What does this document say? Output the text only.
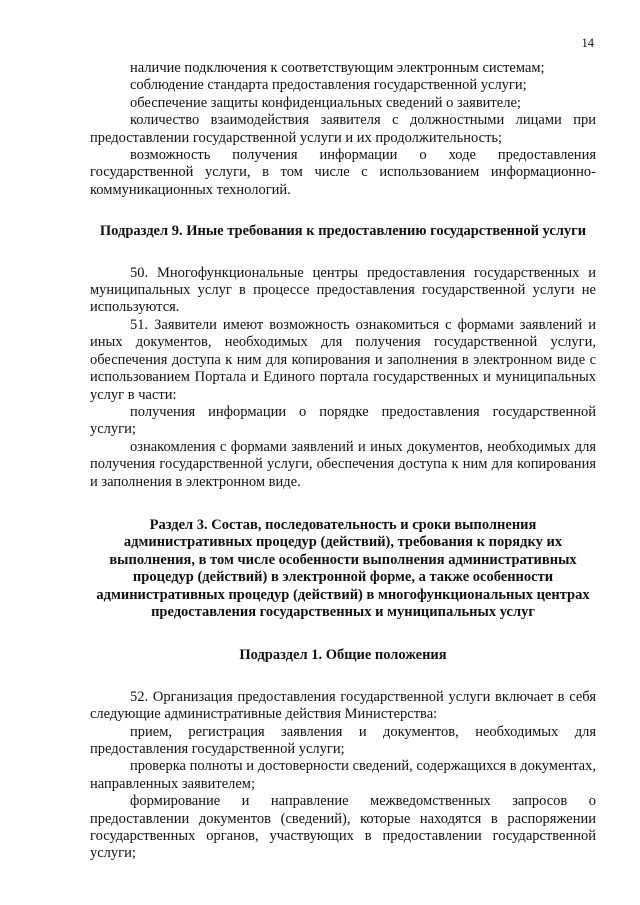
14

наличие подключения к соответствующим электронным системам;

соблюдение стандарта предоставления государственной услуги;

обеспечение защиты конфиденциальных сведений о заявителе;

количество взаимодействия заявителя с должностными лицами при предоставлении государственной услуги и их продолжительность;

возможность получения информации о ходе предоставления государственной услуги, в том числе с использованием информационно-коммуникационных технологий.

Подраздел 9. Иные требования к предоставлению государственной услуги

50. Многофункциональные центры предоставления государственных и муниципальных услуг в процессе предоставления государственной услуги не используются.

51. Заявители имеют возможность ознакомиться с формами заявлений и иных документов, необходимых для получения государственной услуги, обеспечения доступа к ним для копирования и заполнения в электронном виде с использованием Портала и Единого портала государственных и муниципальных услуг в части:

получения информации о порядке предоставления государственной услуги;

ознакомления с формами заявлений и иных документов, необходимых для получения государственной услуги, обеспечения доступа к ним для копирования и заполнения в электронном виде.

Раздел 3. Состав, последовательность и сроки выполнения административных процедур (действий), требования к порядку их выполнения, в том числе особенности выполнения административных процедур (действий) в электронной форме, а также особенности административных процедур (действий) в многофункциональных центрах предоставления государственных и муниципальных услуг
Подраздел 1. Общие положения

52. Организация предоставления государственной услуги включает в себя следующие административные действия Министерства:

прием, регистрация заявления и документов, необходимых для предоставления государственной услуги;

проверка полноты и достоверности сведений, содержащихся в документах, направленных заявителем;

формирование и направление межведомственных запросов о предоставлении документов (сведений), которые находятся в распоряжении государственных органов, участвующих в предоставлении государственной услуги;
